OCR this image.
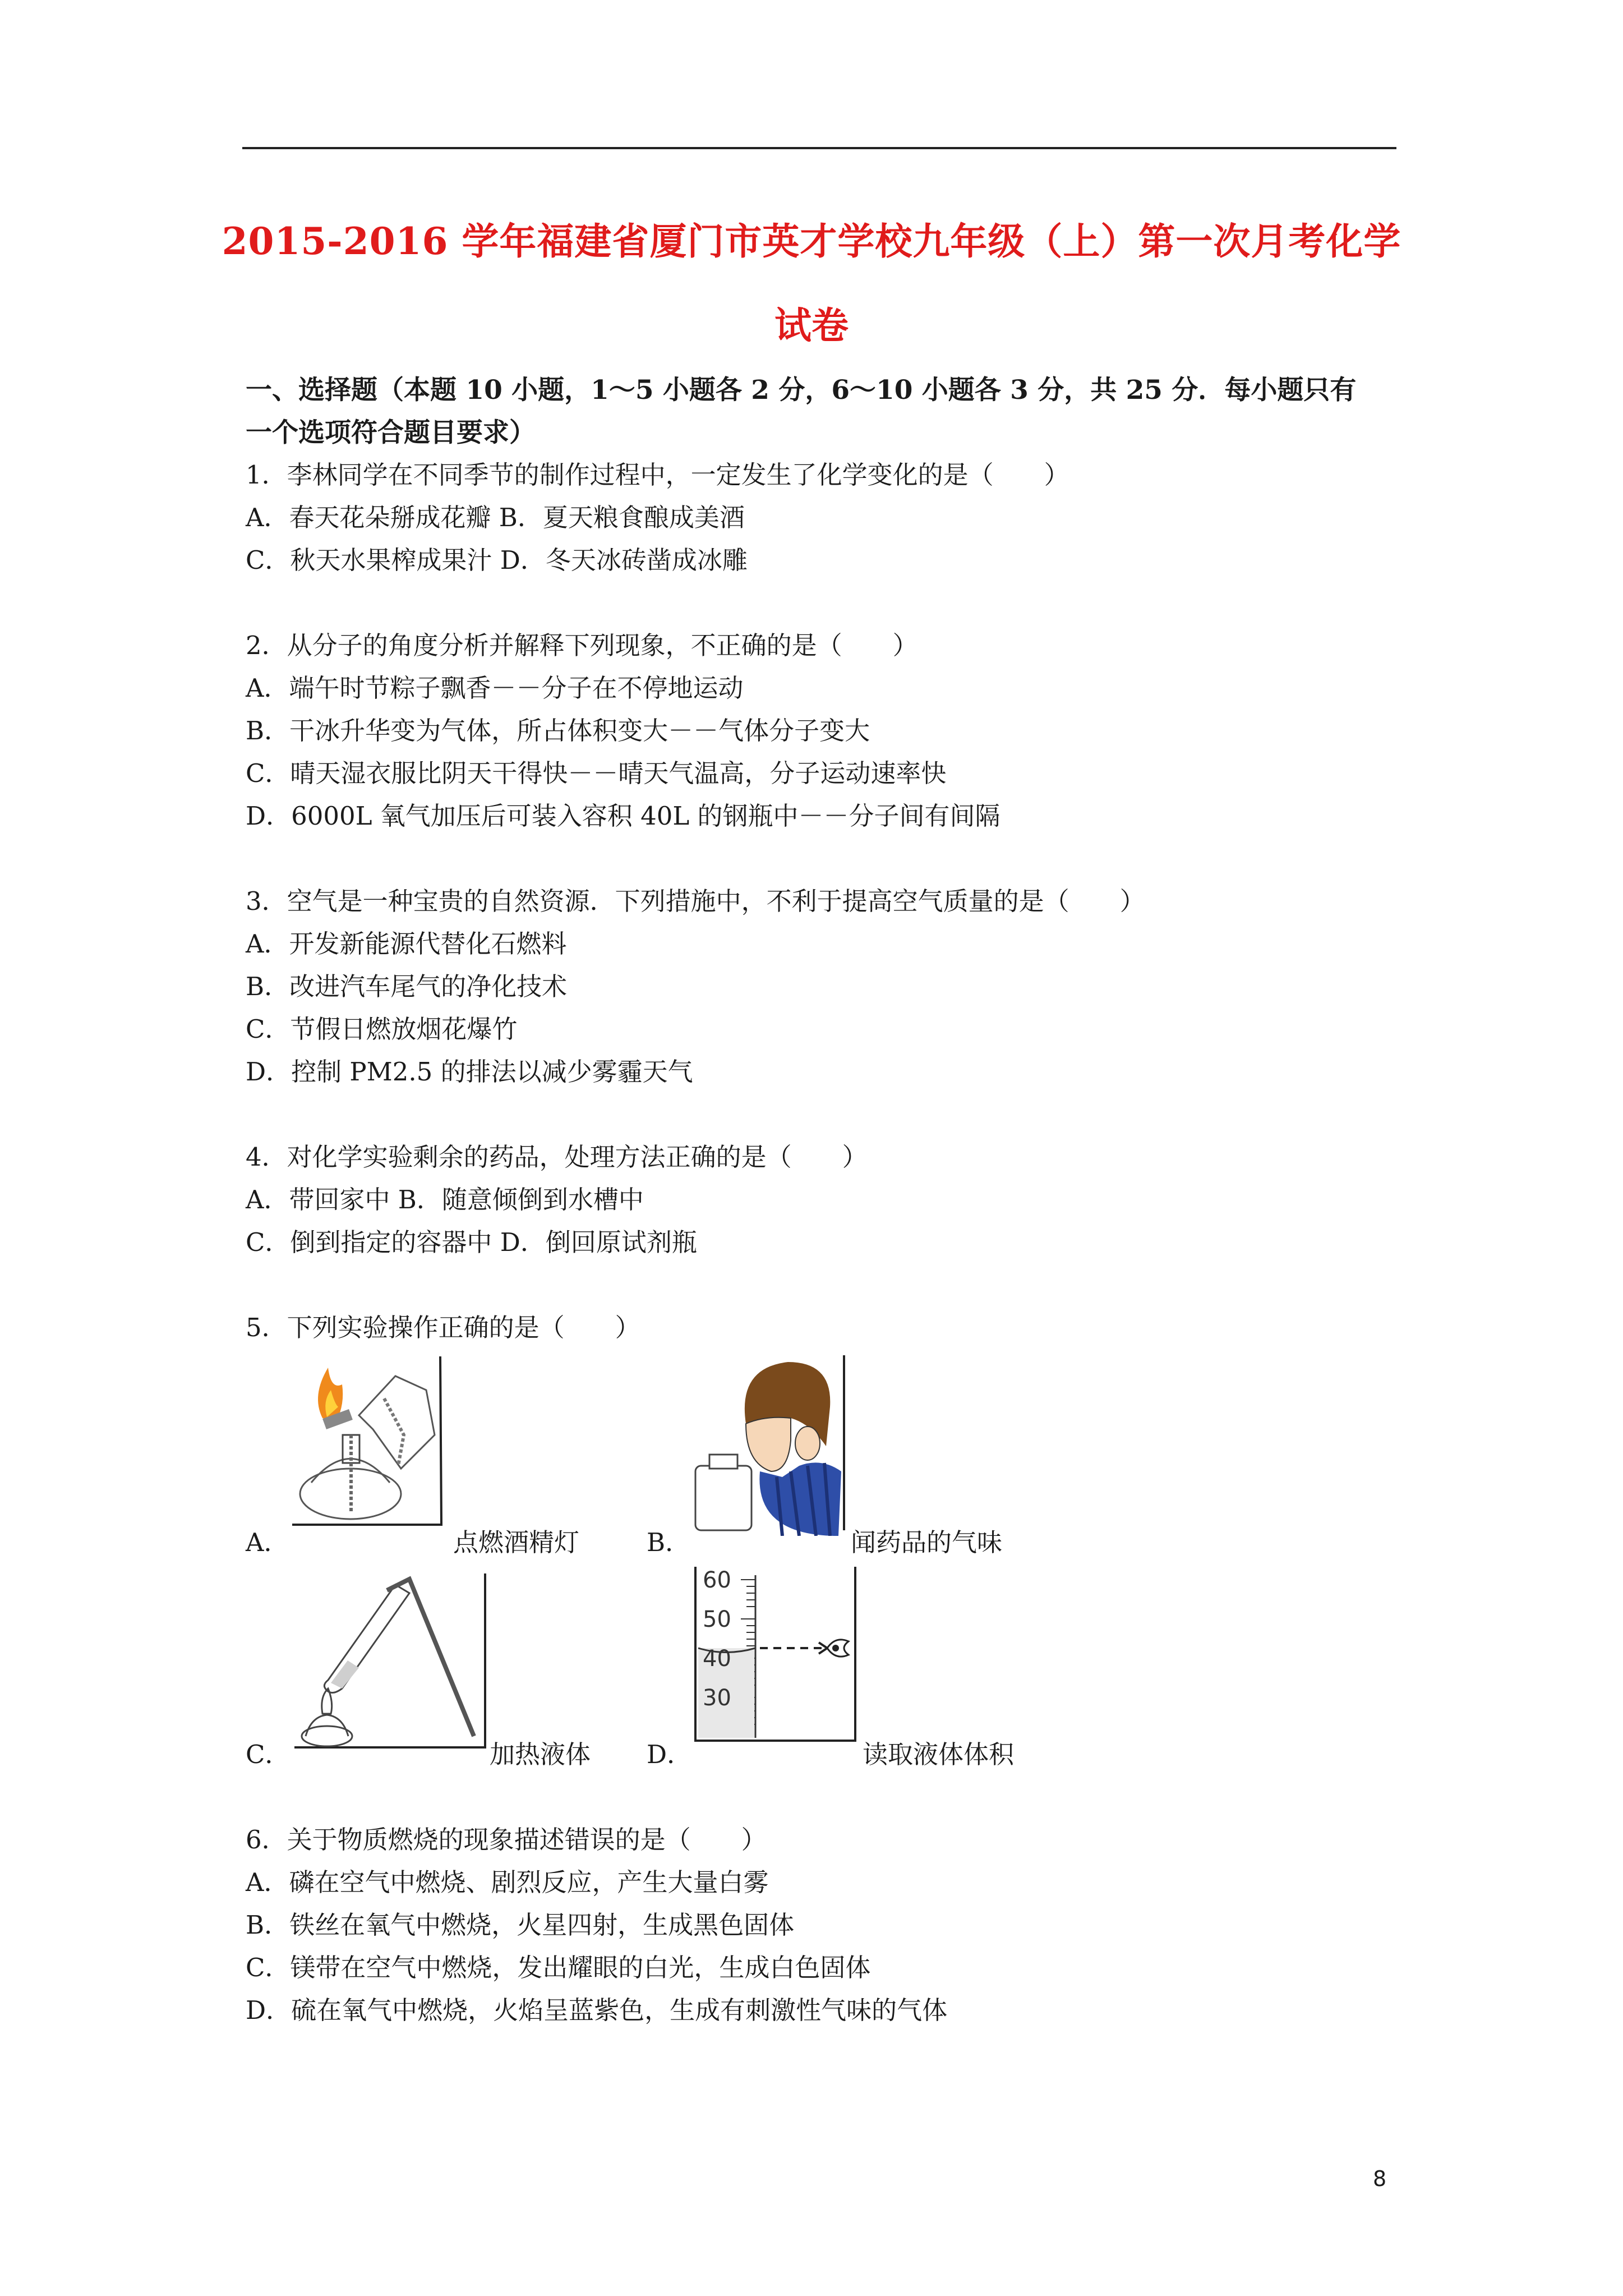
2015-2016 学年福建省厦门市英才学校九年级（上）第一次月考化学
试卷
一、选择题（本题 10 小题，1～5 小题各 2 分，6～10 小题各 3 分，共 25 分．每小题只有
一个选项符合题目要求）
1．李林同学在不同季节的制作过程中，一定发生了化学变化的是（　　）
A．春天花朵掰成花瓣 B．夏天粮食酿成美酒
C．秋天水果榨成果汁 D．冬天冰砖凿成冰雕
2．从分子的角度分析并解释下列现象，不正确的是（　　）
A．端午时节粽子飘香－－分子在不停地运动
B．干冰升华变为气体，所占体积变大－－气体分子变大
C．晴天湿衣服比阴天干得快－－晴天气温高，分子运动速率快
D．6000L 氧气加压后可装入容积 40L 的钢瓶中－－分子间有间隔
3．空气是一种宝贵的自然资源．下列措施中，不利于提高空气质量的是（　　）
A．开发新能源代替化石燃料
B．改进汽车尾气的净化技术
C．节假日燃放烟花爆竹
D．控制 PM2.5 的排法以减少雾霾天气
4．对化学实验剩余的药品，处理方法正确的是（　　）
A．带回家中 B．随意倾倒到水槽中
C．倒到指定的容器中 D．倒回原试剂瓶
5．下列实验操作正确的是（　　）
A．	点燃酒精灯	B．	闻药品的气味
C．	加热液体
60
50
40
30
D．	读取液体体积
6．关于物质燃烧的现象描述错误的是（　　）
A．磷在空气中燃烧、剧烈反应，产生大量白雾
B．铁丝在氧气中燃烧，火星四射，生成黑色固体
C．镁带在空气中燃烧，发出耀眼的白光，生成白色固体
D．硫在氧气中燃烧，火焰呈蓝紫色，生成有刺激性气味的气体
8
